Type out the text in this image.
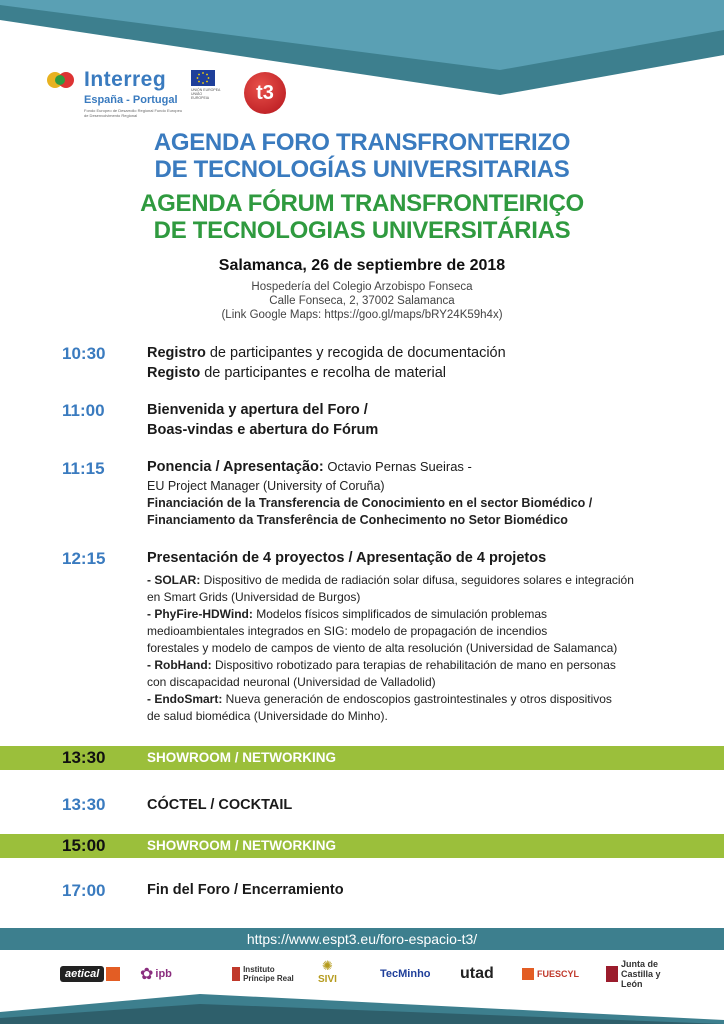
Interreg
España - Portugal
Fondo Europeo de Desarrollo Regional Fundo Europeu de Desenvolvimento Regional
UNIÓN EUROPEA UNIÃO EUROPEIA	t3
AGENDA FORO TRANSFRONTERIZO
DE TECNOLOGÍAS UNIVERSITARIAS
AGENDA FÓRUM TRANSFRONTEIRIÇO
DE TECNOLOGIAS UNIVERSITÁRIAS
Salamanca, 26 de septiembre de 2018
Hospedería del Colegio Arzobispo Fonseca
Calle Fonseca, 2, 37002 Salamanca
(Link Google Maps: https://goo.gl/maps/bRY24K59h4x)
10:30	Registro de participantes y recogida de documentación
Registo de participantes e recolha de material
11:00	Bienvenida y apertura del Foro /
Boas-vindas e abertura do Fórum
11:15	Ponencia / Apresentação: Octavio Pernas Sueiras -
EU Project Manager (University of Coruña)
Financiación de la Transferencia de Conocimiento en el sector Biomédico /
Financiamento da Transferência de Conhecimento no Setor Biomédico
12:15	Presentación de 4 proyectos / Apresentação de 4 projetos
- SOLAR: Dispositivo de medida de radiación solar difusa, seguidores solares e integración
en Smart Grids (Universidad de Burgos)
- PhyFire-HDWind: Modelos físicos simplificados de simulación problemas
medioambientales integrados en SIG: modelo de propagación de incendios
forestales y modelo de campos de viento de alta resolución (Universidad de Salamanca)
- RobHand: Dispositivo robotizado para terapias de rehabilitación de mano en personas
con discapacidad neuronal (Universidad de Valladolid)
- EndoSmart: Nueva generación de endoscopios gastrointestinales y otros dispositivos
de salud biomédica (Universidade do Minho).
13:30	SHOWROOM / NETWORKING
13:30	CÓCTEL / COCKTAIL
15:00	SHOWROOM / NETWORKING
17:00	Fin del Foro / Encerramiento
https://www.espt3.eu/foro-espacio-t3/
aetical	✿ ipb	Instituto Príncipe Real
✺
SIVI	TecMinho utad	FUESCYL
Junta de Castilla y León
